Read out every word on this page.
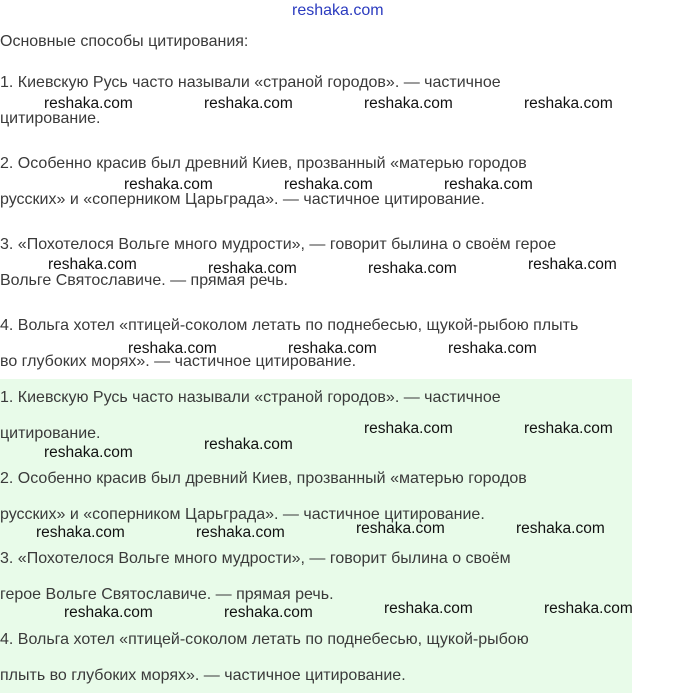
reshaka.com

Основные способы цитирования:

1. Киевскую Русь часто называли «страной городов». — частичное

цитирование.

2. Особенно красив был древний Киев, прозванный «матерью городов

русских» и «соперником Царьграда». — частичное цитирование.

3. «Похотелося Вольге много мудрости», — говорит былина о своём герое

Вольге Святославиче. — прямая речь.

4. Вольга хотел «птицей-соколом летать по поднебесью, щукой-рыбою плыть

во глубоких морях». — частичное цитирование.

1. Киевскую Русь часто называли «страной городов». — частичное

цитирование.

2. Особенно красив был древний Киев, прозванный «матерью городов

русских» и «соперником Царьграда». — частичное цитирование.

3. «Похотелося Вольге много мудрости», — говорит былина о своём

герое Вольге Святославиче. — прямая речь.

4. Вольга хотел «птицей-соколом летать по поднебесью, щукой-рыбою

плыть во глубоких морях». — частичное цитирование.

reshaka.com	reshaka.com	reshaka.com	reshaka.com
reshaka.com	reshaka.com	reshaka.com
reshaka.com	reshaka.com	reshaka.com	reshaka.com
reshaka.com	reshaka.com	reshaka.com
reshaka.com	reshaka.com
reshaka.com
reshaka.com
reshaka.com	reshaka.com
reshaka.com	reshaka.com
reshaka.com	reshaka.com
reshaka.com	reshaka.com
